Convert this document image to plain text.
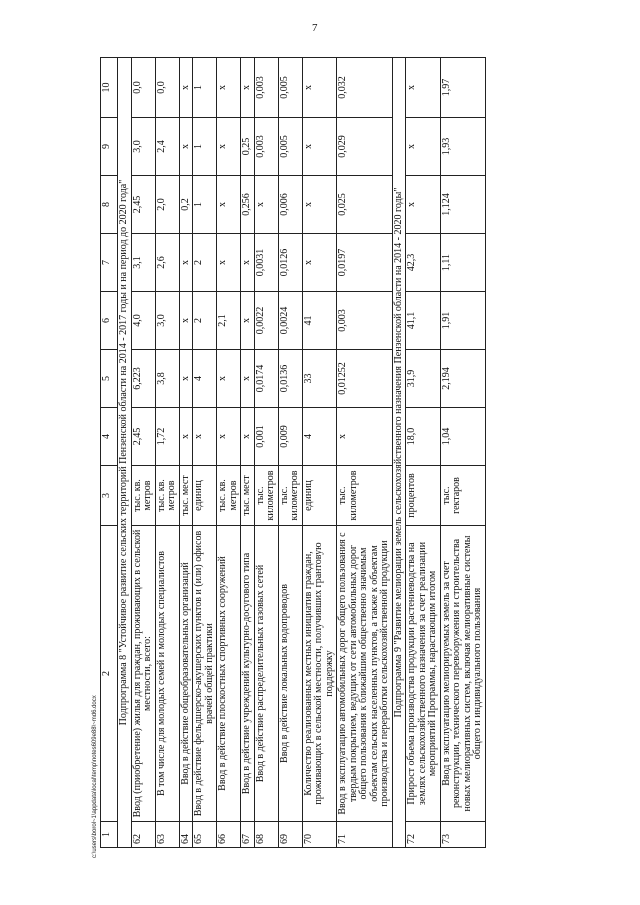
7
1	2	3	4	5	6	7	8	9	10
Подпрограмма 8 "Устойчивое развитие сельских территорий Пензенской области на 2014 - 2017 годы и на период до 2020 года"									
62	Ввод (приобретение) жилья для граждан, проживающих в сельской местности, всего:	тыс. кв. метров	2,45	6,223	4,0	3,1	2,45	3,0	0,0
63	В том числе для молодых семей и молодых специалистов	тыс. кв. метров	1,72	3,8	3,0	2,6	2,0	2,4	0,0
64	Ввод в действие общеобразовательных организаций	тыс. мест	x	x	x	x	0,2	x	x
65	Ввод в действие фельдшерско-акушерских пунктов и (или) офисов врачей общей практики	единиц	x	4	2	2	1	1	1
66	Ввод в действие плоскостных спортивных сооружений	тыс. кв. метров	x	x	2,1	x	x	x	x
67	Ввод в действие учреждений культурно-досугового типа	тыс. мест	x	x	x	x	0,256	0,25	x
68	Ввод в действие распределительных газовых сетей	тыс. километров	0,001	0,0174	0,0022	0,0031	x	0,003	0,003
69	Ввод в действие локальных водопроводов	тыс. километров	0,009	0,0136	0,0024	0,0126	0,006	0,005	0,005
70	Количество реализованных местных инициатив граждан, проживающих в сельской местности, получивших грантовую поддержку	единиц	4	33	41	x	x	x	x
71	Ввод в эксплуатацию автомобильных дорог общего пользования с твердым покрытием, ведущих от сети автомобильных дорог общего пользования к ближайшим общественно значимым объектам сельских населенных пунктов, а также к объектам производства и переработки сельскохозяйственной продукции	тыс. километров	x	0,01252	0,003	0,0197	0,025	0,029	0,032
Подпрограмма 9 "Развитие мелиорации земель сельскохозяйственного назначения Пензенской области на 2014 - 2020 годы"									
72	Прирост объема производства продукции растениеводства на землях сельскохозяйственного назначения за счет реализации мероприятий Программы, нарастающим итогом	процентов	18,0	31,9	41,1	42,3	x	x	x
73	Ввод в эксплуатацию мелиорируемых земель за счет реконструкции, технического перевооружения и строительства новых мелиоративных систем, включая мелиоративные системы общего и индивидуального пользования	тыс. гектаров	1,04	2,194	1,91	1,11	1,124	1,93	1,97
c:\users\borol~1\appdata\local\temp\notes609e88\~md6.docx
